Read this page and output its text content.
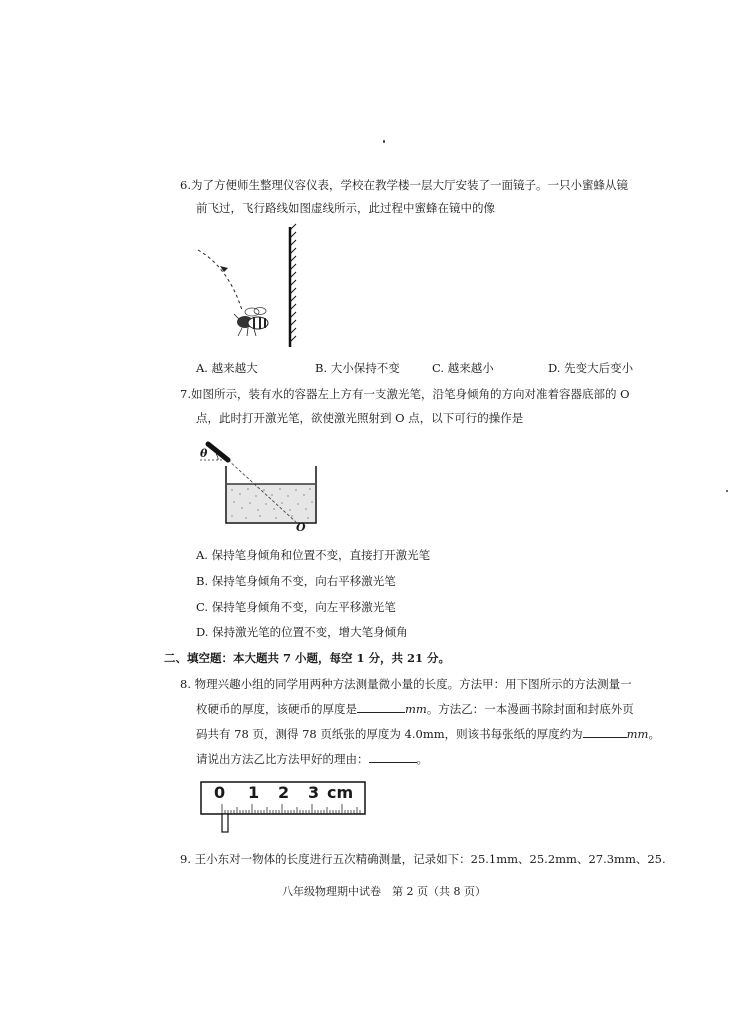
6.为了方便师生整理仪容仪表，学校在教学楼一层大厅安装了一面镜子。一只小蜜蜂从镜
前飞过，飞行路线如图虚线所示，此过程中蜜蜂在镜中的像
A. 越来越大	B. 大小保持不变	C. 越来越小	D. 先变大后变小
7.如图所示，装有水的容器左上方有一支激光笔，沿笔身倾角的方向对准着容器底部的 O
点，此时打开激光笔，欲使激光照射到 O 点，以下可行的操作是
θ
O
A. 保持笔身倾角和位置不变，直接打开激光笔
B. 保持笔身倾角不变，向右平移激光笔
C. 保持笔身倾角不变，向左平移激光笔
D. 保持激光笔的位置不变，增大笔身倾角
二、填空题：本大题共 7 小题，每空 1 分，共 21 分。
8. 物理兴趣小组的同学用两种方法测量微小量的长度。方法甲：用下图所示的方法测量一
枚硬币的厚度，该硬币的厚度是	mm。方法乙：一本漫画书除封面和封底外页
码共有 78 页，测得 78 页纸张的厚度为 4.0mm，则该书每张纸的厚度约为	mm。
请说出方法乙比方法甲好的理由：	。
0 1 2 3 cm
9. 王小东对一物体的长度进行五次精确测量，记录如下：25.1mm、25.2mm、27.3mm、25.
八年级物理期中试卷　第 2 页（共 8 页）
